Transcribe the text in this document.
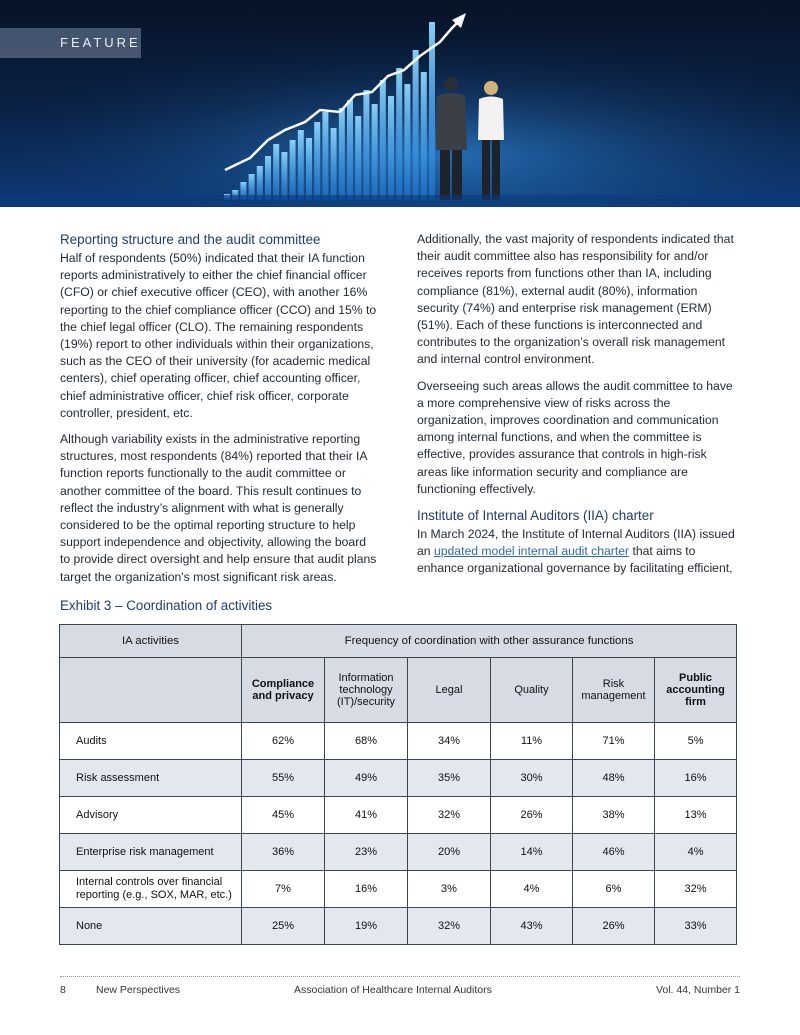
FEATURE
Reporting structure and the audit committee

Half of respondents (50%) indicated that their IA function reports administratively to either the chief financial officer (CFO) or chief executive officer (CEO), with another 16% reporting to the chief compliance officer (CCO) and 15% to the chief legal officer (CLO). The remaining respondents (19%) report to other individuals within their organizations, such as the CEO of their university (for academic medical centers), chief operating officer, chief accounting officer, chief administrative officer, chief risk officer, corporate controller, president, etc.

Although variability exists in the administrative reporting structures, most respondents (84%) reported that their IA function reports functionally to the audit committee or another committee of the board. This result continues to reflect the industry’s alignment with what is generally considered to be the optimal reporting structure to help support independence and objectivity, allowing the board to provide direct oversight and help ensure that audit plans target the organization's most significant risk areas.

Additionally, the vast majority of respondents indicated that their audit committee also has responsibility for and/or receives reports from functions other than IA, including compliance (81%), external audit (80%), information security (74%) and enterprise risk management (ERM) (51%). Each of these functions is interconnected and contributes to the organization’s overall risk management and internal control environment.

Overseeing such areas allows the audit committee to have a more comprehensive view of risks across the organization, improves coordination and communication among internal functions, and when the committee is effective, provides assurance that controls in high-risk areas like information security and compliance are functioning effectively.

Institute of Internal Auditors (IIA) charter

In March 2024, the Institute of Internal Auditors (IIA) issued an updated model internal audit charter that aims to enhance organizational governance by facilitating efficient,

Exhibit 3 – Coordination of activities
IA activities	Frequency of coordination with other assurance functions					
	Compliance and privacy	Information technology (IT)/security	Legal	Quality	Risk management	Public accounting firm
Audits	62%	68%	34%	11%	71%	5%
Risk assessment	55%	49%	35%	30%	48%	16%
Advisory	45%	41%	32%	26%	38%	13%
Enterprise risk management	36%	23%	20%	14%	46%	4%
Internal controls over financial reporting (e.g., SOX, MAR, etc.)	7%	16%	3%	4%	6%	32%
None	25%	19%	32%	43%	26%	33%
8	New Perspectives	Association of Healthcare Internal Auditors	Vol. 44, Number 1
